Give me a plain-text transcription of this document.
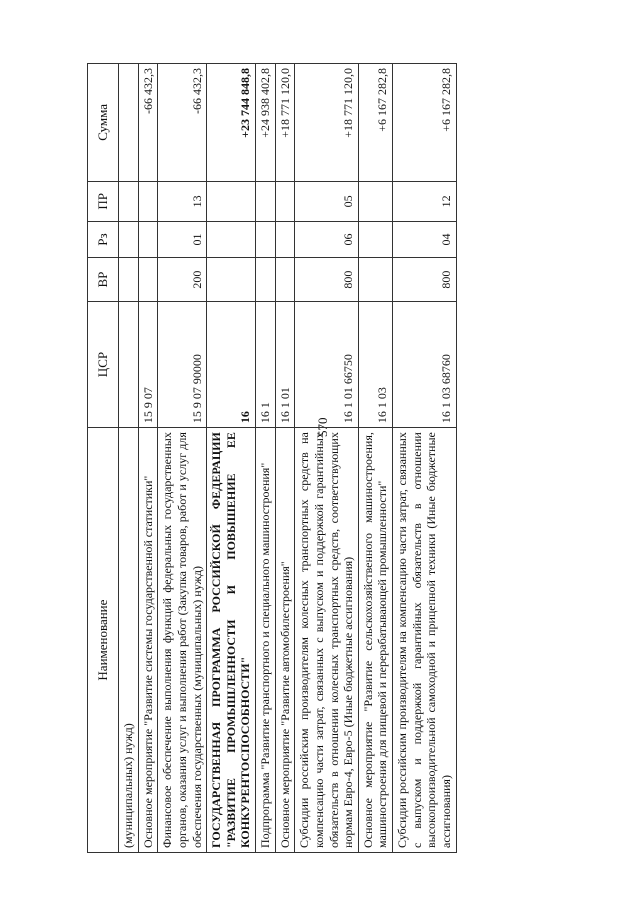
570
Наименование	ЦСР	ВР	Рз	ПР	Сумма
(муниципальных) нужд)					
Основное мероприятие "Развитие системы государственной статистики"	15 9 07				-66 432,3
Финансовое обеспечение выполнения функций федеральных государственных органов, оказания услуг и выполнения работ (Закупка товаров, работ и услуг для обеспечения государственных (муниципальных) нужд)	15 9 07 90000	200	01	13	-66 432,3
ГОСУДАРСТВЕННАЯ ПРОГРАММА РОССИЙСКОЙ ФЕДЕРАЦИИ "РАЗВИТИЕ ПРОМЫШЛЕННОСТИ И ПОВЫШЕНИЕ ЕЕ КОНКУРЕНТОСПОСОБНОСТИ"	16				+23 744 848,8
Подпрограмма "Развитие транспортного и специального машиностроения"	16 1				+24 938 402,8
Основное мероприятие "Развитие автомобилестроения"	16 1 01				+18 771 120,0
Субсидии российским производителям колесных транспортных средств на компенсацию части затрат, связанных с выпуском и поддержкой гарантийных обязательств в отношении колесных транспортных средств, соответствующих нормам Евро-4, Евро-5 (Иные бюджетные ассигнования)	16 1 01 66750	800	06	05	+18 771 120,0
Основное мероприятие "Развитие сельскохозяйственного машиностроения, машиностроения для пищевой и перерабатывающей промышленности"	16 1 03				+6 167 282,8
Субсидии российским производителям на компенсацию части затрат, связанных с выпуском и поддержкой гарантийных обязательств в отношении высокопроизводительной самоходной и прицепной техники (Иные бюджетные ассигнования)	16 1 03 68760	800	04	12	+6 167 282,8
